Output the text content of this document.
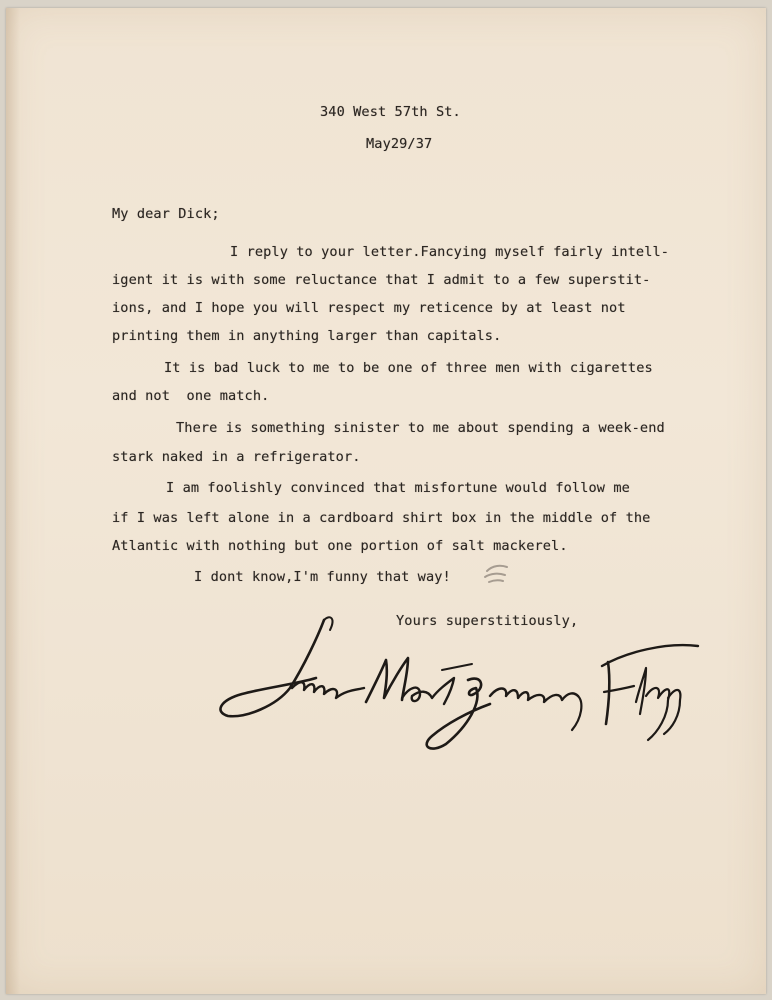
340 West 57th St.
May29/37
My dear Dick;
I reply to your letter.Fancying myself fairly intell-
igent it is with some reluctance that I admit to a few superstit-
ions, and I hope you will respect my reticence by at least not
printing them in anything larger than capitals.
It is bad luck to me to be one of three men with cigarettes
and not  one match.
There is something sinister to me about spending a week-end
stark naked in a refrigerator.
I am foolishly convinced that misfortune would follow me
if I was left alone in a cardboard shirt box in the middle of the
Atlantic with nothing but one portion of salt mackerel.
I dont know,I'm funny that way!
Yours superstitiously,
